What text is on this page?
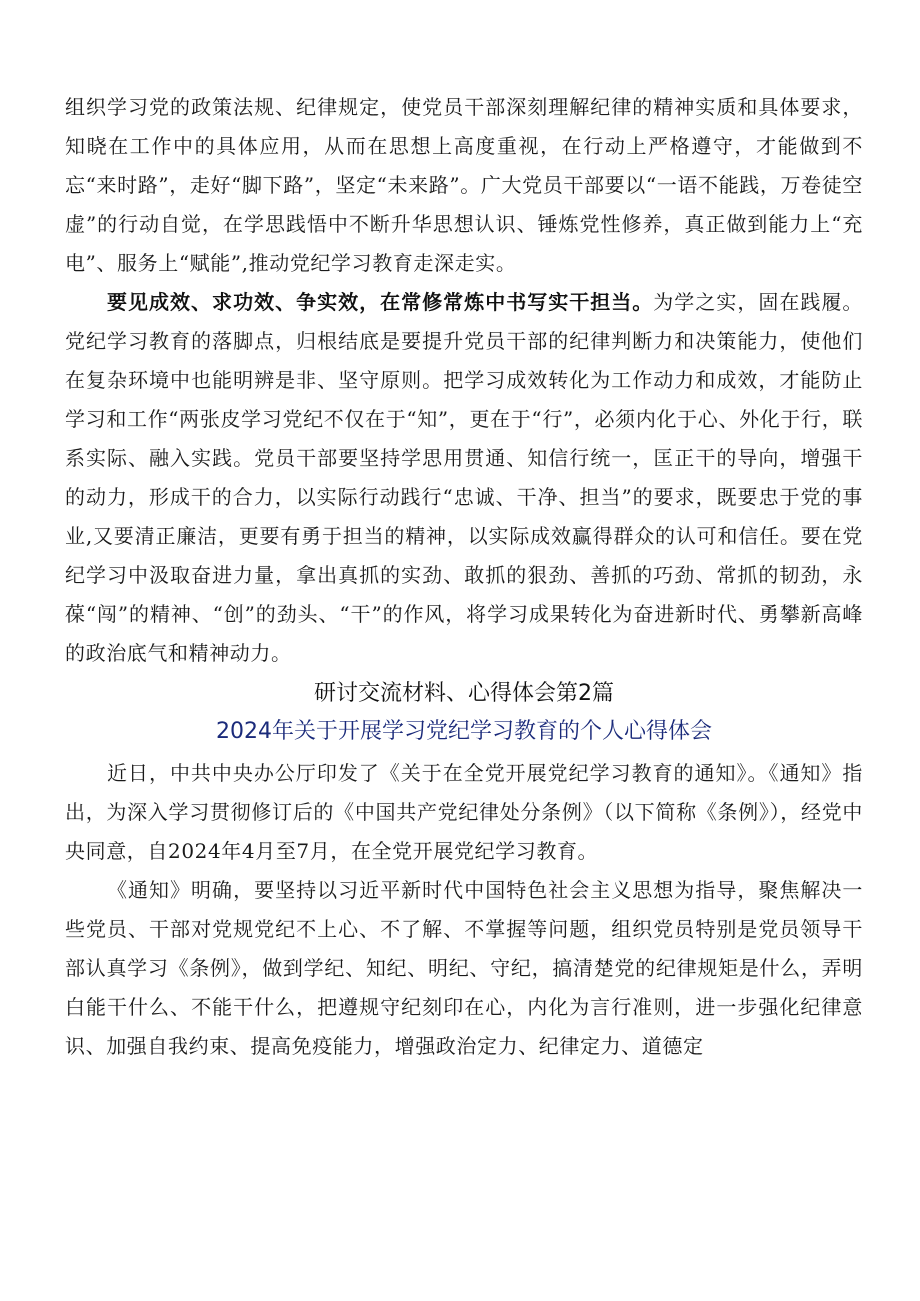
组织学习党的政策法规、纪律规定，使党员干部深刻理解纪律的精神实质和具体要求，知晓在工作中的具体应用，从而在思想上高度重视，在行动上严格遵守，才能做到不忘“来时路”，走好“脚下路”，坚定“未来路”。广大党员干部要以“一语不能践，万卷徒空虚”的行动自觉，在学思践悟中不断升华思想认识、锤炼党性修养，真正做到能力上“充电”、服务上“赋能”,推动党纪学习教育走深走实。

要见成效、求功效、争实效，在常修常炼中书写实干担当。为学之实，固在践履。党纪学习教育的落脚点，归根结底是要提升党员干部的纪律判断力和决策能力，使他们在复杂环境中也能明辨是非、坚守原则。把学习成效转化为工作动力和成效，才能防止学习和工作“两张皮学习党纪不仅在于“知”，更在于“行”，必须内化于心、外化于行，联系实际、融入实践。党员干部要坚持学思用贯通、知信行统一，匡正干的导向，增强干的动力，形成干的合力，以实际行动践行“忠诚、干净、担当”的要求，既要忠于党的事业,又要清正廉洁，更要有勇于担当的精神，以实际成效赢得群众的认可和信任。要在党纪学习中汲取奋进力量，拿出真抓的实劲、敢抓的狠劲、善抓的巧劲、常抓的韧劲，永葆“闯”的精神、“创”的劲头、“干”的作风，将学习成果转化为奋进新时代、勇攀新高峰的政治底气和精神动力。

研讨交流材料、心得体会第2篇

2024年关于开展学习党纪学习教育的个人心得体会

近日，中共中央办公厅印发了《关于在全党开展党纪学习教育的通知》。《通知》指出，为深入学习贯彻修订后的《中国共产党纪律处分条例》（以下简称《条例》），经党中央同意，自2024年4月至7月，在全党开展党纪学习教育。

《通知》明确，要坚持以习近平新时代中国特色社会主义思想为指导，聚焦解决一些党员、干部对党规党纪不上心、不了解、不掌握等问题，组织党员特别是党员领导干部认真学习《条例》，做到学纪、知纪、明纪、守纪，搞清楚党的纪律规矩是什么，弄明白能干什么、不能干什么，把遵规守纪刻印在心，内化为言行准则，进一步强化纪律意识、加强自我约束、提高免疫能力，增强政治定力、纪律定力、道德定
